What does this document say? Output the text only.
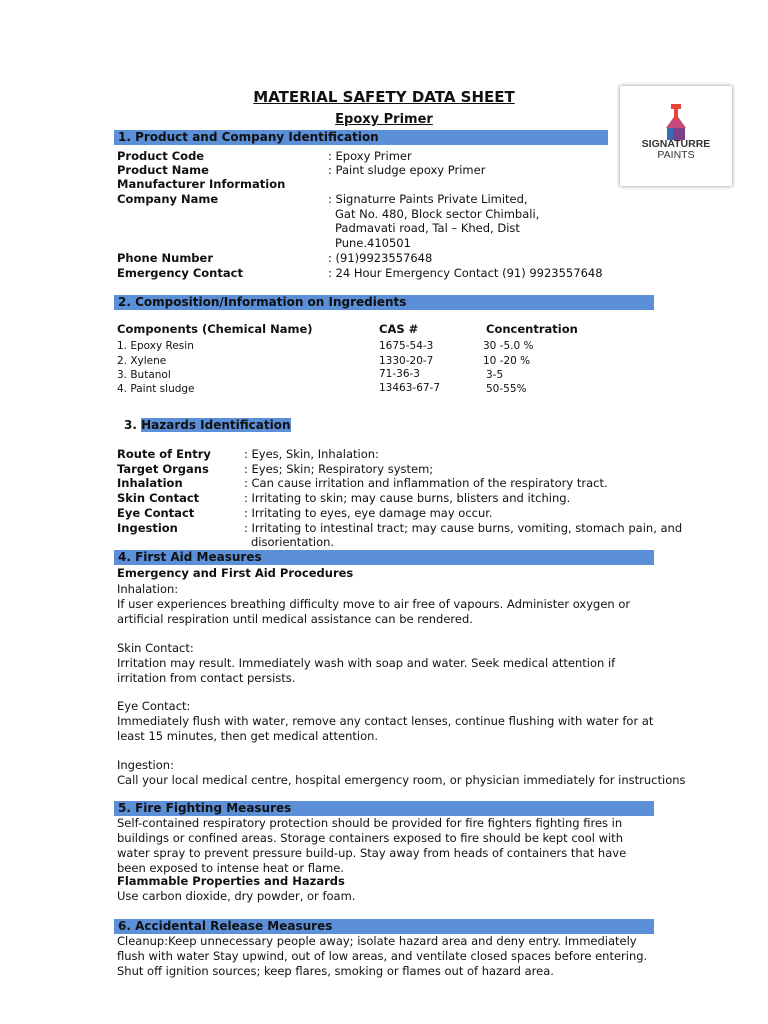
MATERIAL SAFETY DATA SHEET
Epoxy Primer
SIGNATURRE
PAINTS
1. Product and Company Identification
Product Code	: Epoxy Primer
Product Name	: Paint sludge epoxy Primer
Manufacturer Information
Company Name	: Signaturre Paints Private Limited,
Gat No. 480, Block sector Chimbali,
Padmavati road, Tal – Khed, Dist
Pune.410501
Phone Number	: (91)9923557648
Emergency Contact	: 24 Hour Emergency Contact (91) 9923557648
2. Composition/Information on Ingredients
Components (Chemical Name)	CAS #	Concentration
1. Epoxy Resin	1675-54-3	30 -5.0 %
2. Xylene	1330-20-7	10 -20 %
3. Butanol	71-36-3	3-5
4. Paint sludge	13463-67-7	50-55%
3. Hazards Identification
Route of Entry	: Eyes, Skin, Inhalation:
Target Organs	: Eyes; Skin; Respiratory system;
Inhalation	: Can cause irritation and inflammation of the respiratory tract.
Skin Contact	: Irritating to skin; may cause burns, blisters and itching.
Eye Contact	: Irritating to eyes, eye damage may occur.
Ingestion	: Irritating to intestinal tract; may cause burns, vomiting, stomach pain, and
disorientation.
4. First Aid Measures
Emergency and First Aid Procedures
Inhalation:
If user experiences breathing difficulty move to air free of vapours. Administer oxygen or artificial respiration until medical assistance can be rendered.
Skin Contact:
Irritation may result. Immediately wash with soap and water. Seek medical attention if irritation from contact persists.
Eye Contact:
Immediately flush with water, remove any contact lenses, continue flushing with water for at least 15 minutes, then get medical attention.
Ingestion:
Call your local medical centre, hospital emergency room, or physician immediately for instructions
5. Fire Fighting Measures
Self-contained respiratory protection should be provided for fire fighters fighting fires in buildings or confined areas. Storage containers exposed to fire should be kept cool with water spray to prevent pressure build-up. Stay away from heads of containers that have been exposed to intense heat or flame.
Flammable Properties and Hazards
Use carbon dioxide, dry powder, or foam.
6. Accidental Release Measures
Cleanup:Keep unnecessary people away; isolate hazard area and deny entry. Immediately flush with water Stay upwind, out of low areas, and ventilate closed spaces before entering. Shut off ignition sources; keep flares, smoking or flames out of hazard area.
